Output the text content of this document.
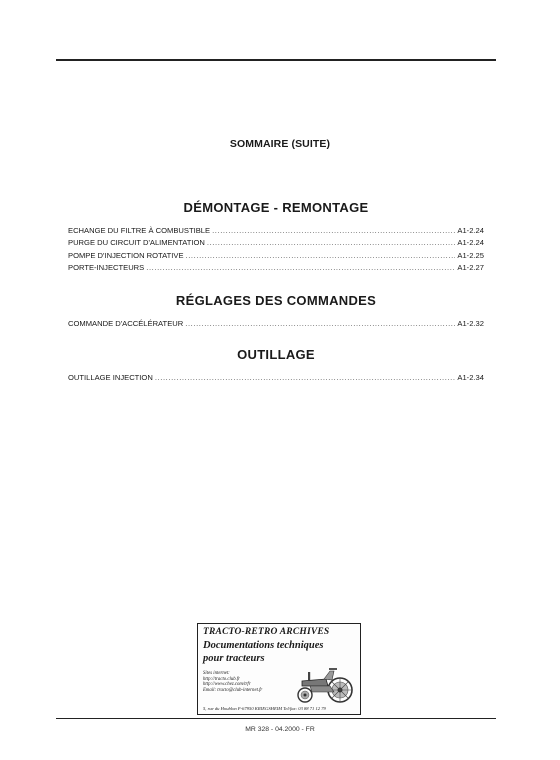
SOMMAIRE (SUITE)
DÉMONTAGE - REMONTAGE
ECHANGE DU FILTRE À COMBUSTIBLE .....	A1-2.24
PURGE DU CIRCUIT D'ALIMENTATION .....	A1-2.24
POMPE D'INJECTION ROTATIVE .....	A1-2.25
PORTE-INJECTEURS .....	A1-2.27
RÉGLAGES DES COMMANDES
COMMANDE D'ACCÉLÉRATEUR .....	A1-2.32
OUTILLAGE
OUTILLAGE INJECTION .....	A1-2.34
TRACTO-RETRO ARCHIVES
Documentations techniques
pour tracteurs
Sites internet:
http://tracto.club.fr
http://www.chez.com/trfr
Email: tracto@club-internet.fr
5, rue du Houblon F-67950 KRIEGSHEIM Tel/fax: 03 88 71 12 79
MR 328 - 04.2000 - FR
